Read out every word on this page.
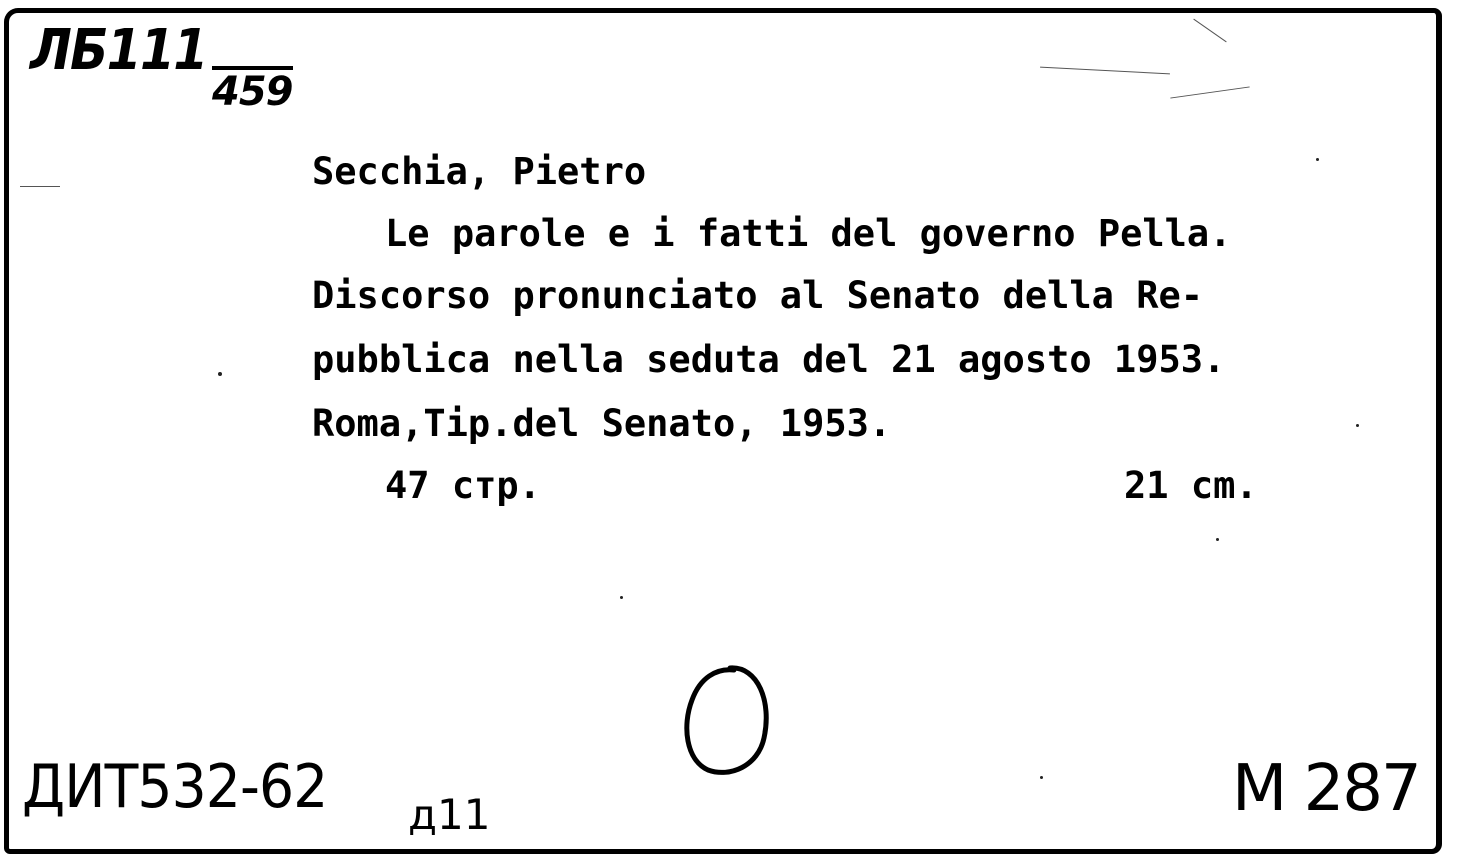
ЛБ111
459
Secchia, Pietro
Le parole e i fatti del governo Pella.
Discorso pronunciato al Senato della Re-
pubblica nella seduta del 21 agosto 1953.
Roma,Tip.del Senato, 1953.
47 стр.	21 cm.
ДИТ532-62 д11	M 287
